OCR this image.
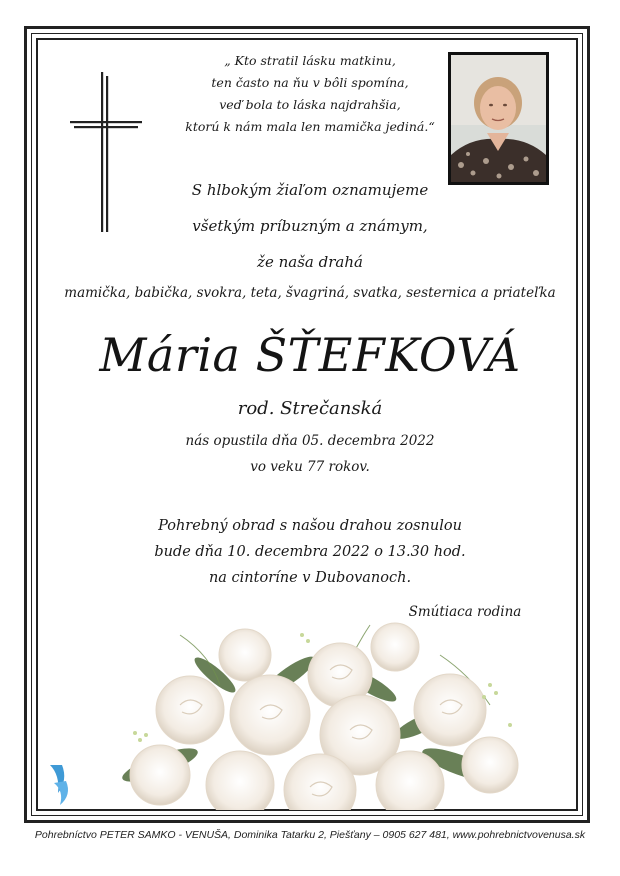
„ Kto stratil lásku matkinu,
ten často na ňu v bôli spomína,
veď bola to láska najdrahšia,
ktorú k nám mala len mamička jediná.“
S hlbokým žiaľom oznamujeme
všetkým príbuzným a známym,
že naša drahá
mamička, babička, svokra, teta, švagriná, svatka, sesternica a priateľka
Mária ŠŤEFKOVÁ
rod. Strečanská
nás opustila dňa 05. decembra 2022
vo veku 77 rokov.
Pohrebný obrad s našou drahou zosnulou
bude dňa 10. decembra 2022 o 13.30 hod.
na cintoríne v Dubovanoch.
Smútiaca rodina
Pohrebníctvo PETER SAMKO - VENUŠA, Dominika Tatarku 2, Piešťany – 0905 627 481, www.pohrebnictvovenusa.sk
